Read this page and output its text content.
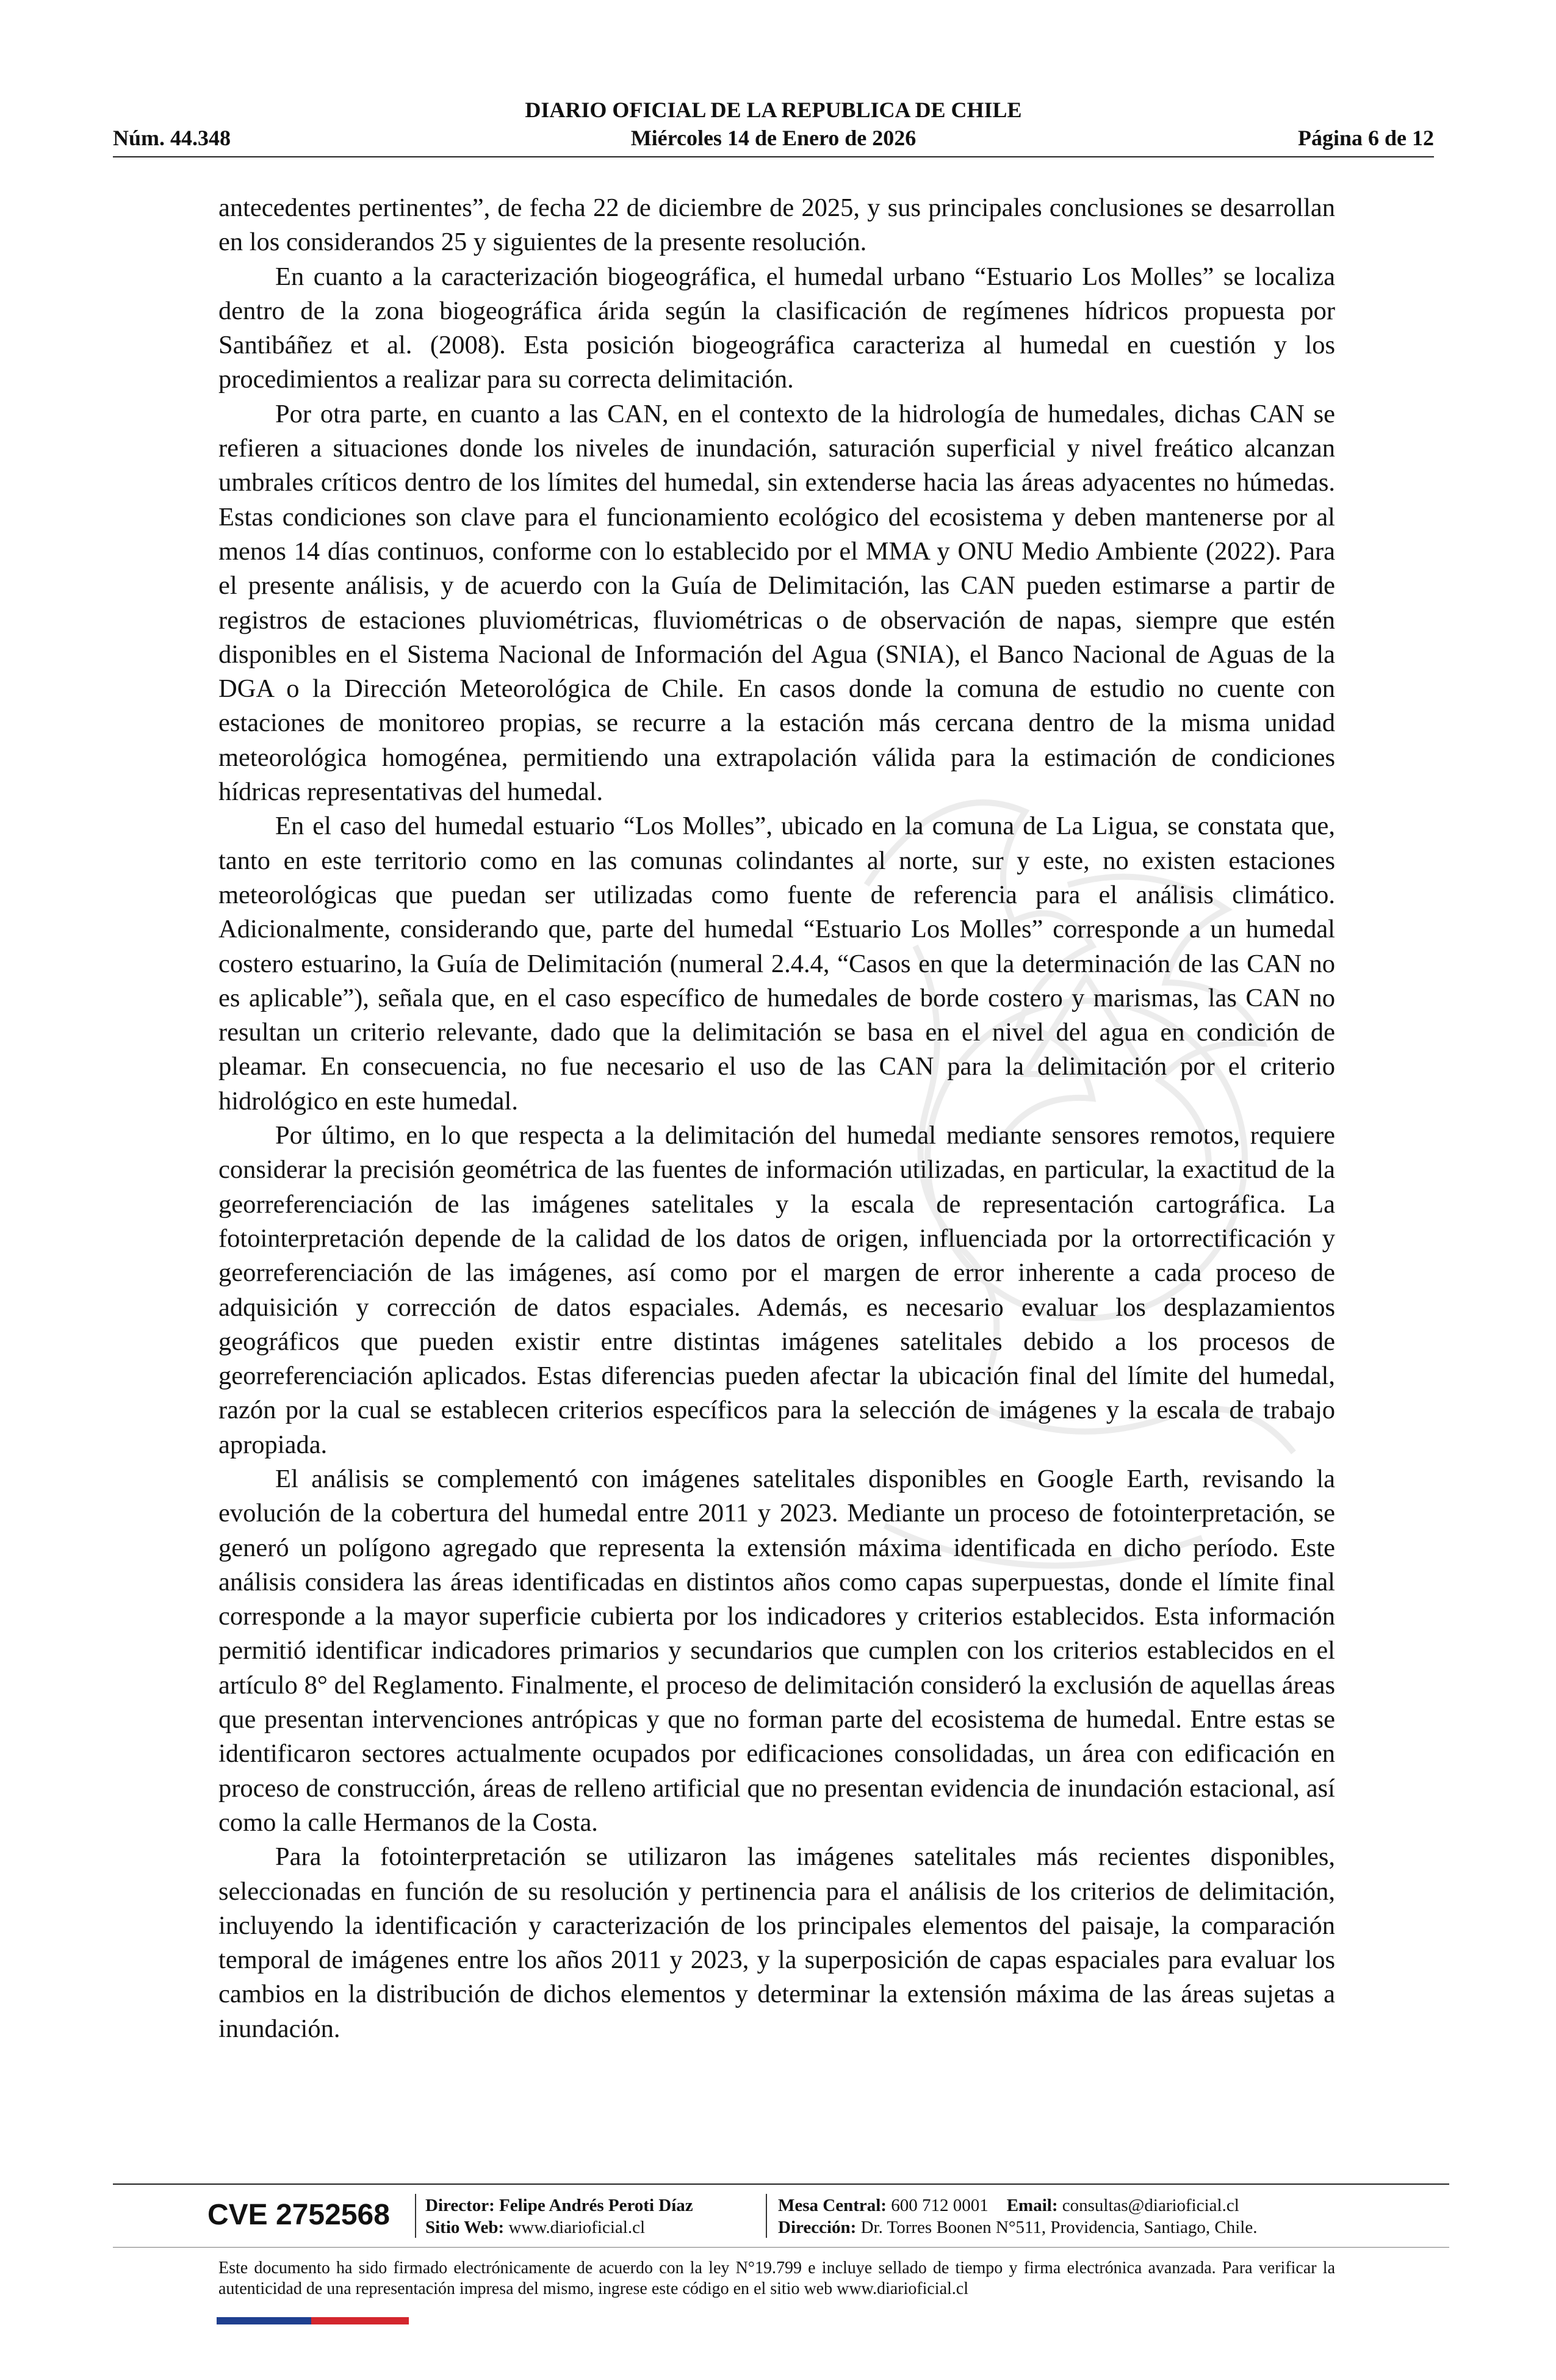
DIARIO OFICIAL DE LA REPUBLICA DE CHILE
Núm. 44.348	Miércoles 14 de Enero de 2026	Página 6 de 12

antecedentes pertinentes”, de fecha 22 de diciembre de 2025, y sus principales conclusiones se desarrollan en los considerandos 25 y siguientes de la presente resolución.

En cuanto a la caracterización biogeográfica, el humedal urbano “Estuario Los Molles” se localiza dentro de la zona biogeográfica árida según la clasificación de regímenes hídricos propuesta por Santibáñez et al. (2008). Esta posición biogeográfica caracteriza al humedal en cuestión y los procedimientos a realizar para su correcta delimitación.

Por otra parte, en cuanto a las CAN, en el contexto de la hidrología de humedales, dichas CAN se refieren a situaciones donde los niveles de inundación, saturación superficial y nivel freático alcanzan umbrales críticos dentro de los límites del humedal, sin extenderse hacia las áreas adyacentes no húmedas. Estas condiciones son clave para el funcionamiento ecológico del ecosistema y deben mantenerse por al menos 14 días continuos, conforme con lo establecido por el MMA y ONU Medio Ambiente (2022). Para el presente análisis, y de acuerdo con la Guía de Delimitación, las CAN pueden estimarse a partir de registros de estaciones pluviométricas, fluviométricas o de observación de napas, siempre que estén disponibles en el Sistema Nacional de Información del Agua (SNIA), el Banco Nacional de Aguas de la DGA o la Dirección Meteorológica de Chile. En casos donde la comuna de estudio no cuente con estaciones de monitoreo propias, se recurre a la estación más cercana dentro de la misma unidad meteorológica homogénea, permitiendo una extrapolación válida para la estimación de condiciones hídricas representativas del humedal.

En el caso del humedal estuario “Los Molles”, ubicado en la comuna de La Ligua, se constata que, tanto en este territorio como en las comunas colindantes al norte, sur y este, no existen estaciones meteorológicas que puedan ser utilizadas como fuente de referencia para el análisis climático. Adicionalmente, considerando que, parte del humedal “Estuario Los Molles” corresponde a un humedal costero estuarino, la Guía de Delimitación (numeral 2.4.4, “Casos en que la determinación de las CAN no es aplicable”), señala que, en el caso específico de humedales de borde costero y marismas, las CAN no resultan un criterio relevante, dado que la delimitación se basa en el nivel del agua en condición de pleamar. En consecuencia, no fue necesario el uso de las CAN para la delimitación por el criterio hidrológico en este humedal.

Por último, en lo que respecta a la delimitación del humedal mediante sensores remotos, requiere considerar la precisión geométrica de las fuentes de información utilizadas, en particular, la exactitud de la georreferenciación de las imágenes satelitales y la escala de representación cartográfica. La fotointerpretación depende de la calidad de los datos de origen, influenciada por la ortorrectificación y georreferenciación de las imágenes, así como por el margen de error inherente a cada proceso de adquisición y corrección de datos espaciales. Además, es necesario evaluar los desplazamientos geográficos que pueden existir entre distintas imágenes satelitales debido a los procesos de georreferenciación aplicados. Estas diferencias pueden afectar la ubicación final del límite del humedal, razón por la cual se establecen criterios específicos para la selección de imágenes y la escala de trabajo apropiada.

El análisis se complementó con imágenes satelitales disponibles en Google Earth, revisando la evolución de la cobertura del humedal entre 2011 y 2023. Mediante un proceso de fotointerpretación, se generó un polígono agregado que representa la extensión máxima identificada en dicho período. Este análisis considera las áreas identificadas en distintos años como capas superpuestas, donde el límite final corresponde a la mayor superficie cubierta por los indicadores y criterios establecidos. Esta información permitió identificar indicadores primarios y secundarios que cumplen con los criterios establecidos en el artículo 8° del Reglamento. Finalmente, el proceso de delimitación consideró la exclusión de aquellas áreas que presentan intervenciones antrópicas y que no forman parte del ecosistema de humedal. Entre estas se identificaron sectores actualmente ocupados por edificaciones consolidadas, un área con edificación en proceso de construcción, áreas de relleno artificial que no presentan evidencia de inundación estacional, así como la calle Hermanos de la Costa.

Para la fotointerpretación se utilizaron las imágenes satelitales más recientes disponibles, seleccionadas en función de su resolución y pertinencia para el análisis de los criterios de delimitación, incluyendo la identificación y caracterización de los principales elementos del paisaje, la comparación temporal de imágenes entre los años 2011 y 2023, y la superposición de capas espaciales para evaluar los cambios en la distribución de dichos elementos y determinar la extensión máxima de las áreas sujetas a inundación.

CVE 2752568 Director: Felipe Andrés Peroti Díaz
Sitio Web: www.diarioficial.cl
Mesa Central: 600 712 0001 Email: consultas@diarioficial.cl
Dirección: Dr. Torres Boonen N°511, Providencia, Santiago, Chile.
Este documento ha sido firmado electrónicamente de acuerdo con la ley N°19.799 e incluye sellado de tiempo y firma electrónica avanzada. Para verificar la autenticidad de una representación impresa del mismo, ingrese este código en el sitio web www.diarioficial.cl
